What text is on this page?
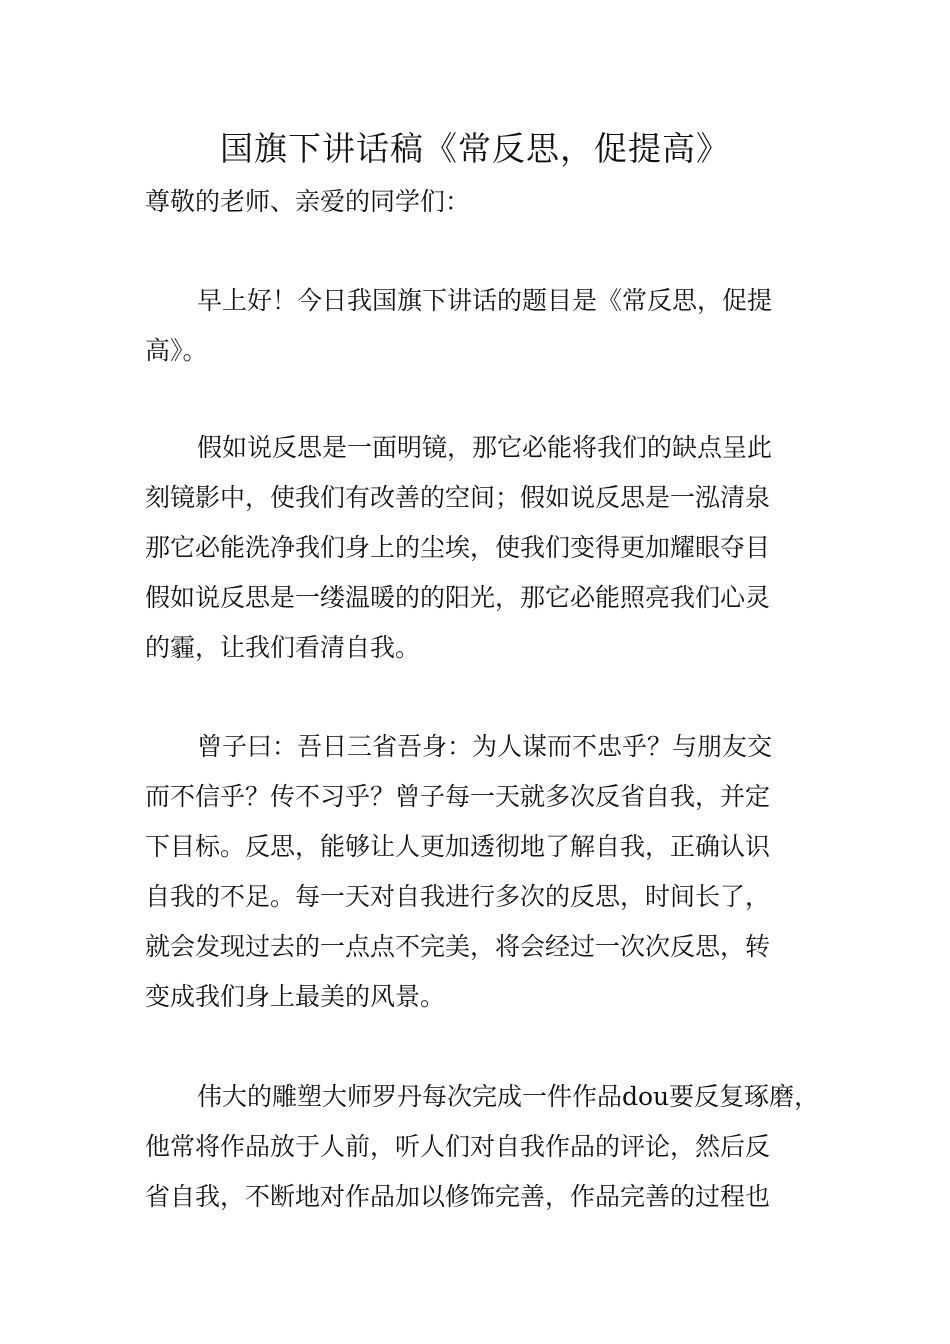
国旗下讲话稿《常反思，促提高》

尊敬的老师、亲爱的同学们：

早上好！今日我国旗下讲话的题目是《常反思，促提
高》。

假如说反思是一面明镜，那它必能将我们的缺点呈此
刻镜影中，使我们有改善的空间；假如说反思是一泓清泉
那它必能洗净我们身上的尘埃，使我们变得更加耀眼夺目
假如说反思是一缕温暖的的阳光，那它必能照亮我们心灵
的霾，让我们看清自我。

曾子曰：吾日三省吾身：为人谋而不忠乎？与朋友交
而不信乎？传不习乎？曾子每一天就多次反省自我，并定
下目标。反思，能够让人更加透彻地了解自我，正确认识
自我的不足。每一天对自我进行多次的反思，时间长了，
就会发现过去的一点点不完美，将会经过一次次反思，转
变成我们身上最美的风景。

伟大的雕塑大师罗丹每次完成一件作品dou要反复琢磨，
他常将作品放于人前，听人们对自我作品的评论，然后反
省自我，不断地对作品加以修饰完善，作品完善的过程也
